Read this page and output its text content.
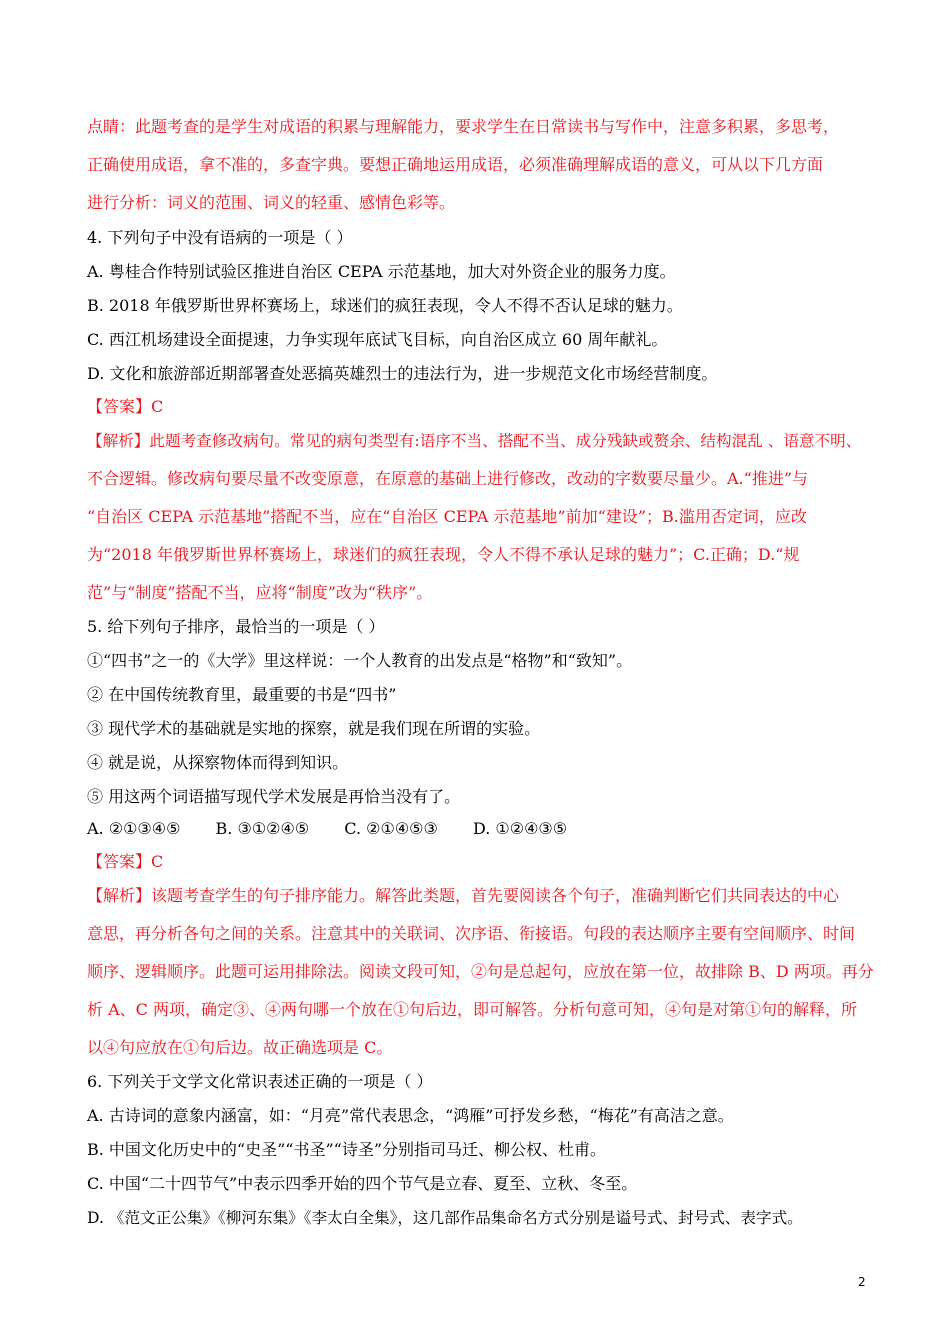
点睛：此题考查的是学生对成语的积累与理解能力，要求学生在日常读书与写作中，注意多积累，多思考，
正确使用成语，拿不准的，多查字典。要想正确地运用成语，必须准确理解成语的意义，可从以下几方面
进行分析：词义的范围、词义的轻重、感情色彩等。
4. 下列句子中没有语病的一项是（ ）
A. 粤桂合作特别试验区推进自治区 CEPA 示范基地，加大对外资企业的服务力度。
B. 2018 年俄罗斯世界杯赛场上，球迷们的疯狂表现，令人不得不否认足球的魅力。
C. 西江机场建设全面提速，力争实现年底试飞目标，向自治区成立 60 周年献礼。
D. 文化和旅游部近期部署查处恶搞英雄烈士的违法行为，进一步规范文化市场经营制度。
【答案】C
【解析】此题考查修改病句。常见的病句类型有:语序不当、搭配不当、成分残缺或赘余、结构混乱 、语意不明、
不合逻辑。修改病句要尽量不改变原意，在原意的基础上进行修改，改动的字数要尽量少。A.“推进”与
“自治区 CEPA 示范基地”搭配不当，应在“自治区 CEPA 示范基地”前加“建设”；B.滥用否定词，应改
为“2018 年俄罗斯世界杯赛场上，球迷们的疯狂表现，令人不得不承认足球的魅力”；C.正确；D.“规
范”与“制度”搭配不当，应将“制度”改为“秩序”。
5. 给下列句子排序，最恰当的一项是（ ）
①“四书”之一的《大学》里这样说：一个人教育的出发点是“格物”和“致知”。
② 在中国传统教育里，最重要的书是“四书”
③ 现代学术的基础就是实地的探察，就是我们现在所谓的实验。
④ 就是说，从探察物体而得到知识。
⑤ 用这两个词语描写现代学术发展是再恰当没有了。
A. ②①③④⑤ B. ③①②④⑤ C. ②①④⑤③ D. ①②④③⑤
【答案】C
【解析】该题考查学生的句子排序能力。解答此类题，首先要阅读各个句子，准确判断它们共同表达的中心
意思，再分析各句之间的关系。注意其中的关联词、次序语、衔接语。句段的表达顺序主要有空间顺序、时间
顺序、逻辑顺序。此题可运用排除法。阅读文段可知，②句是总起句，应放在第一位，故排除 B、D 两项。再分
析 A、C 两项，确定③、④两句哪一个放在①句后边，即可解答。分析句意可知，④句是对第①句的解释，所
以④句应放在①句后边。故正确选项是 C。
6. 下列关于文学文化常识表述正确的一项是（ ）
A. 古诗词的意象内涵富，如：“月亮”常代表思念，“鸿雁”可抒发乡愁，“梅花”有高洁之意。
B. 中国文化历史中的“史圣”“书圣”“诗圣”分别指司马迁、柳公权、杜甫。
C. 中国“二十四节气”中表示四季开始的四个节气是立春、夏至、立秋、冬至。
D. 《范文正公集》《柳河东集》《李太白全集》，这几部作品集命名方式分别是谥号式、封号式、表字式。
2
